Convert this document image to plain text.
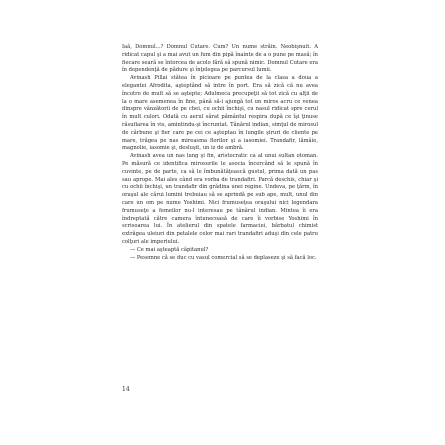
Iaă, Domnul...? Domnul Cutare. Cum? Un nume străin. Neobişnuit. A ridicat capul şi a mai avut un fum din pipă înainte de a o pune pe masă; în fiecare seară se întorcea de acolo fără să spună nimic. Domnul Cutare era în dependenţă de pădure şi înţelegea pe parcursul lumii.

Avinash Pillai stătea în picioare pe puntea de la clasa a doua a elegantei Afrodita, aşteptând să intre în port. Era să zică că nu avea încotro de mult să se aştepte; Adulmeca precupeţii să tot zică cu alţii de la o mare asemenea în fine, până să-i ajungă tot un miros acru ce venea dinspre vânzătorii de pe chei, cu ochii închişi, cu nasul ridicat spre cerul în mult culori. Odată cu aerul sărat pământul respira după ce îşi ţinuse răsuflarea în vis, amintindu-şi încruntat. Tânărul indian, simţul de mirosul de cărbune şi fier care pe cei ce aşteptau în lungile şiruri de cliente pe mare, trăgea pe nas mireasma florilor şi a iasomiei. Trandafir, lămâie, magnolie, iasomie şi, desluşit, un iz de ambră.

Avinash avea un nas lung şi fin, aristocratic ca al unui sultan otoman. Pe măsură ce identifica mirosurile le asocia încercând să le spună în cuvinte, pe de parte, ca să le îmbunătăţească gustul, prima dată un pas sau aprope. Mai ales când era vorba de trandafiri. Parcă deschis, chiar şi cu ochii închişi, un trandafir din grădina unei regine. Undeva, pe ţărm, în oraşul ale cărui lumini trebuiau să se aprindă pe sub ape, mult, unul din care un om pe nume Yoshimi. Nici frumuseţea oraşului nici legendara frumuseţe a femeilor nu-l interesau pe tânărul indian. Mintea îi era îndreptată către camera întunecoasă de care îi vorbise Yoshimi în scrisoarea lui. În atelierul din spatele farmaciei, bărbatul chimist extrăgea uleiuri din petalele celor mai rari trandafiri aduşi din cele patru colţuri ale imperiului.

— Ce mai aşteaptă căpitanul?

— Pesemne că se duc cu vasul comercial să se deplaseze şi să facă loc.

14
